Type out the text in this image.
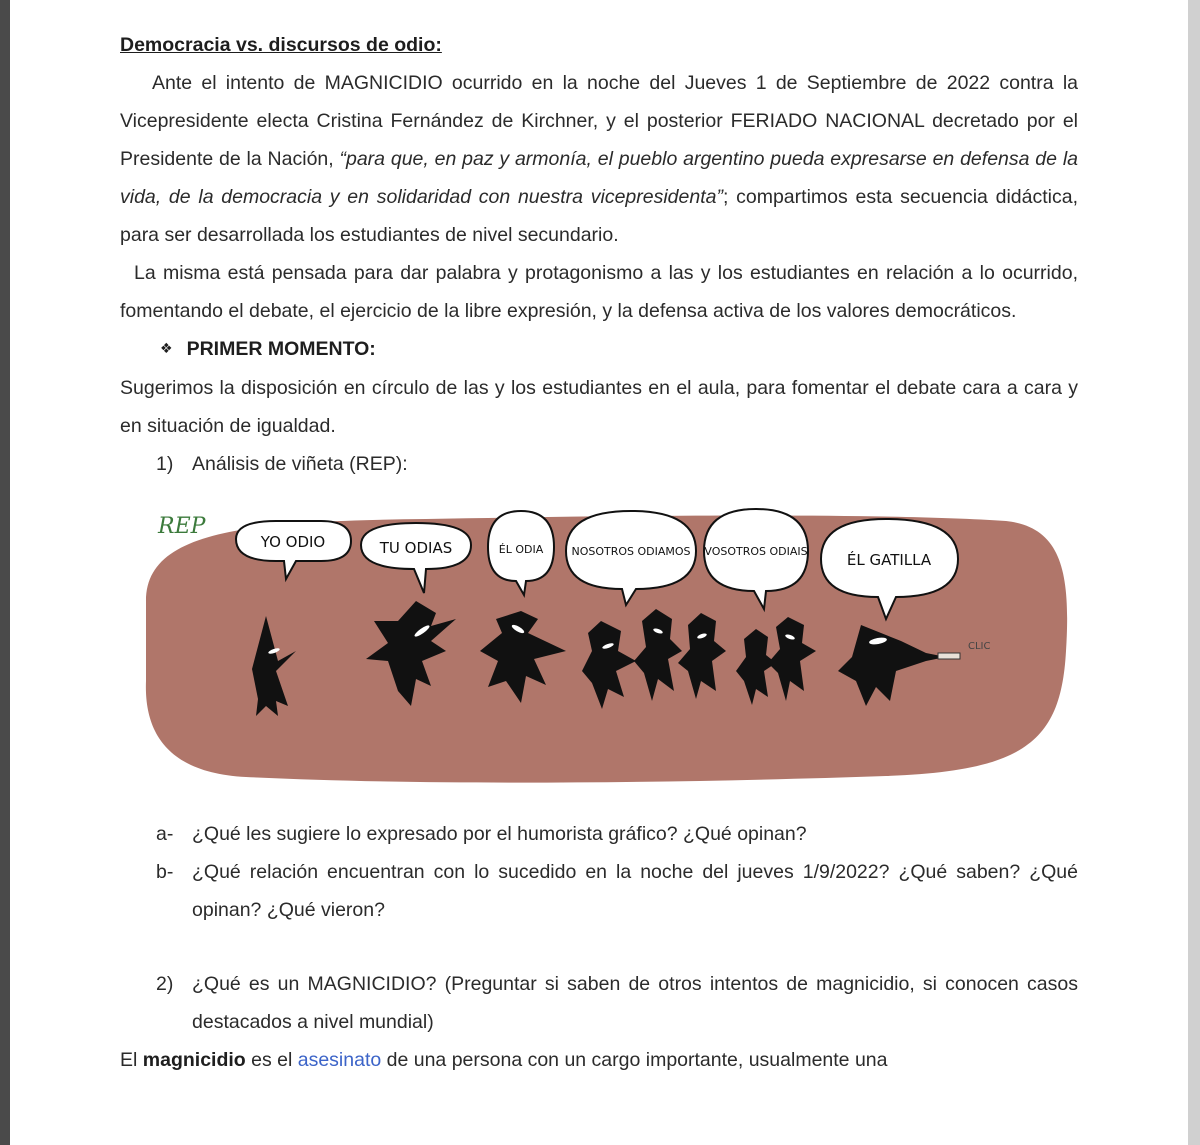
Democracia vs. discursos de odio:

Ante el intento de MAGNICIDIO ocurrido en la noche del Jueves 1 de Septiembre de 2022 contra la Vicepresidente electa Cristina Fernández de Kirchner, y el posterior FERIADO NACIONAL decretado por el Presidente de la Nación, “para que, en paz y armonía, el pueblo argentino pueda expresarse en defensa de la vida, de la democracia y en solidaridad con nuestra vicepresidenta”; compartimos esta secuencia didáctica, para ser desarrollada los estudiantes de nivel secundario.

La misma está pensada para dar palabra y protagonismo a las y los estudiantes en relación a lo ocurrido, fomentando el debate, el ejercicio de la libre expresión, y la defensa activa de los valores democráticos.

❖ PRIMER MOMENTO:

Sugerimos la disposición en círculo de las y los estudiantes en el aula, para fomentar el debate cara a cara y en situación de igualdad.

1) Análisis de viñeta (REP):

REP
YO ODIO	TU ODIAS	ÉL ODIA	NOSOTROS ODIAMOS VOSOTROS ODIAIS	ÉL GATILLA
CLIC

a- ¿Qué les sugiere lo expresado por el humorista gráfico? ¿Qué opinan?

b- ¿Qué relación encuentran con lo sucedido en la noche del jueves 1/9/2022? ¿Qué saben? ¿Qué opinan? ¿Qué vieron?

2) ¿Qué es un MAGNICIDIO? (Preguntar si saben de otros intentos de magnicidio, si conocen casos destacados a nivel mundial)

El magnicidio es el asesinato de una persona con un cargo importante, usualmente una
